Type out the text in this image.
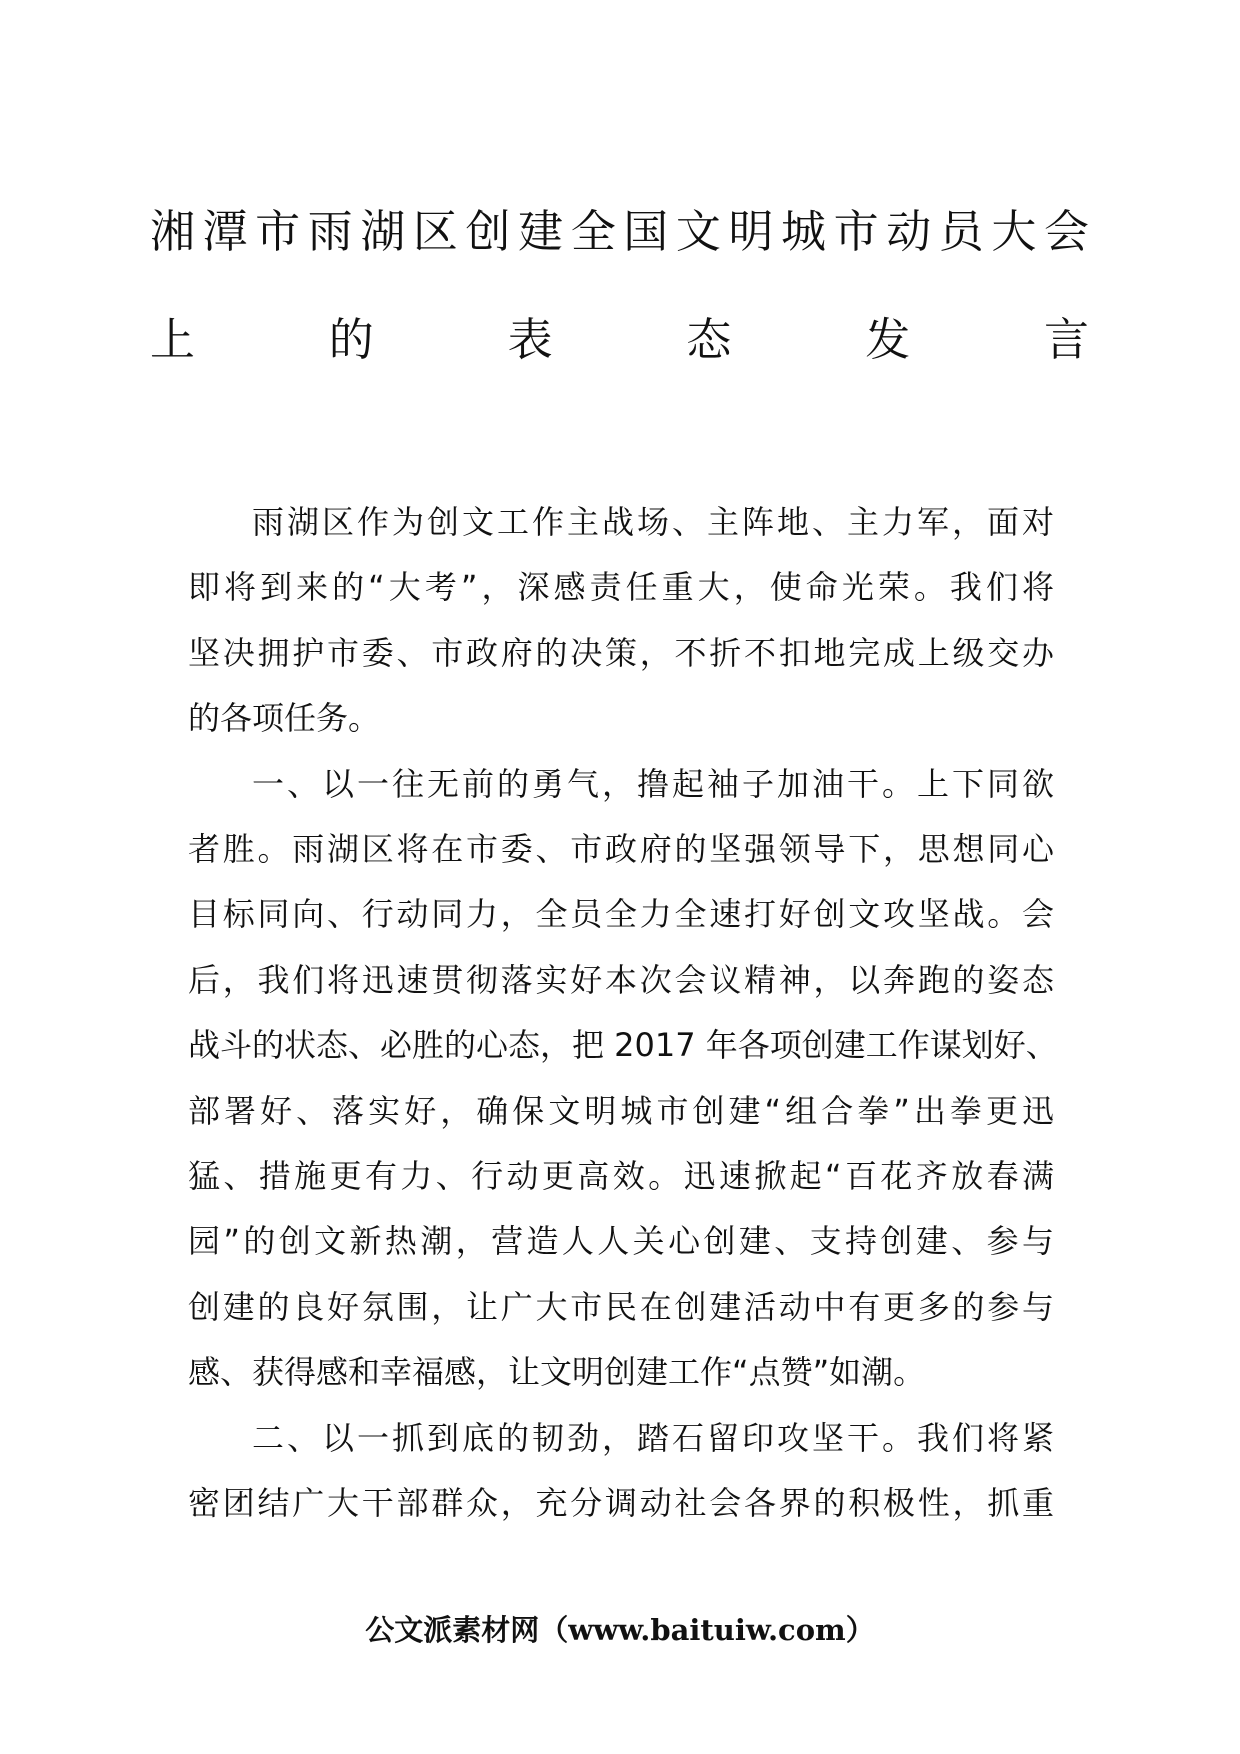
湘潭市雨湖区创建全国文明城市动员大会
上的表态发言

雨湖区作为创文工作主战场、主阵地、主力军，面对
即将到来的“大考”，深感责任重大，使命光荣。我们将
坚决拥护市委、市政府的决策，不折不扣地完成上级交办
的各项任务。

一、以一往无前的勇气，撸起袖子加油干。上下同欲
者胜。雨湖区将在市委、市政府的坚强领导下，思想同心
目标同向、行动同力，全员全力全速打好创文攻坚战。会
后，我们将迅速贯彻落实好本次会议精神，以奔跑的姿态
战斗的状态、必胜的心态，把 2017 年各项创建工作谋划好、
部署好、落实好，确保文明城市创建“组合拳”出拳更迅
猛、措施更有力、行动更高效。迅速掀起“百花齐放春满
园”的创文新热潮，营造人人关心创建、支持创建、参与
创建的良好氛围，让广大市民在创建活动中有更多的参与
感、获得感和幸福感，让文明创建工作“点赞”如潮。

二、以一抓到底的韧劲，踏石留印攻坚干。我们将紧
密团结广大干部群众，充分调动社会各界的积极性，抓重

公文派素材网（www.baituiw.com）
